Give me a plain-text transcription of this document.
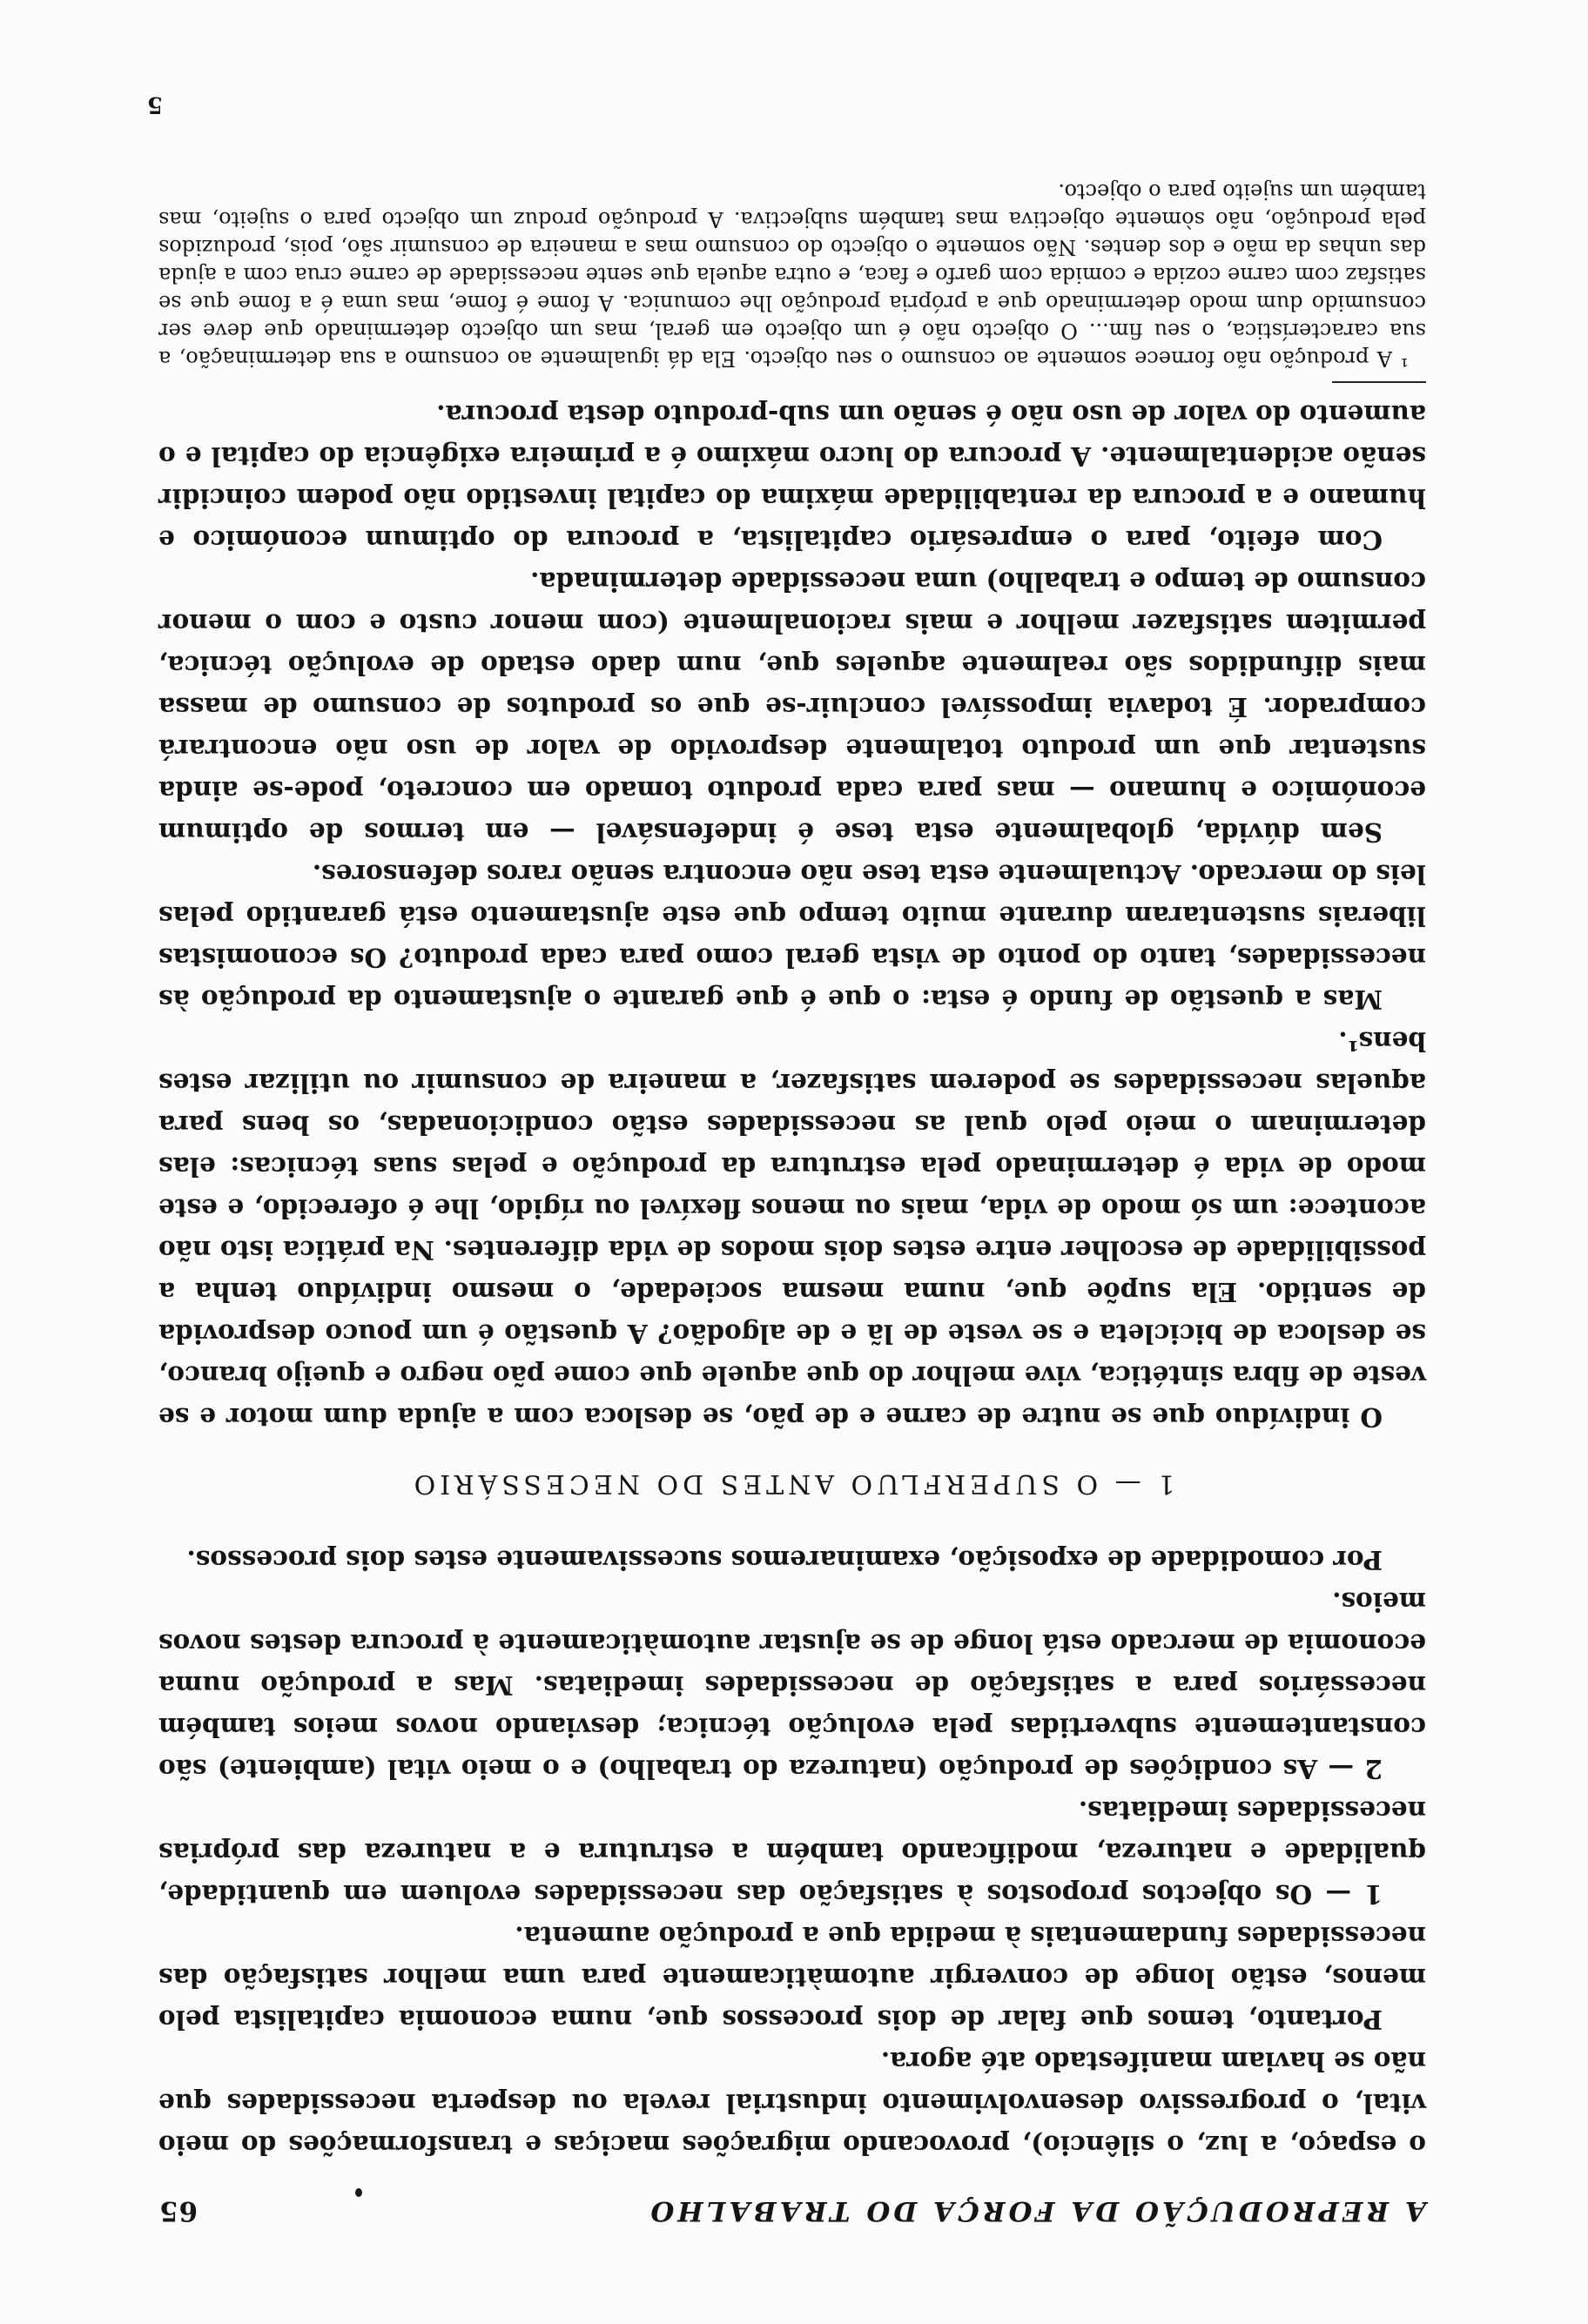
A REPRODUÇÃO DA FORÇA DO TRABALHO
65

o espaço, a luz, o silêncio), provocando migrações maciças e transformações do meio vital, o progressivo desenvolvimento industrial revela ou desperta necessidades que não se haviam manifestado até agora.

Portanto, temos que falar de dois processos que, numa economia capitalista pelo menos, estão longe de convergir automàticamente para uma melhor satisfação das necessidades fundamentais à medida que a produção aumenta.

1 — Os objectos propostos à satisfação das necessidades evoluem em quantidade, qualidade e natureza, modificando também a estrutura e a natureza das próprias necessidades imediatas.

2 — As condições de produção (natureza do trabalho) e o meio vital (ambiente) são constantemente subvertidas pela evolução técnica; desviando novos meios também necessários para a satisfação de necessidades imediatas. Mas a produção numa economia de mercado está longe de se ajustar automàticamente à procura destes novos meios.

Por comodidade de exposição, examinaremos sucessivamente estes dois processos.

1 — O SUPERFLUO ANTES DO NECESSÁRIO

O indivíduo que se nutre de carne e de pão, se desloca com a ajuda dum motor e se veste de fibra sintética, vive melhor do que aquele que come pão negro e queijo branco, se desloca de bicicleta e se veste de lã e de algodão? A questão é um pouco desprovida de sentido. Ela supõe que, numa mesma sociedade, o mesmo indivíduo tenha a possibilidade de escolher entre estes dois modos de vida diferentes. Na prática isto não acontece: um só modo de vida, mais ou menos flexível ou rígido, lhe é oferecido, e este modo de vida é determinado pela estrutura da produção e pelas suas técnicas: elas determinam o meio pelo qual as necessidades estão condicionadas, os bens para aquelas necessidades se poderem satisfazer, a maneira de consumir ou utilizar estes bens¹.

Mas a questão de fundo é esta: o que é que garante o ajustamento da produção às necessidades, tanto do ponto de vista geral como para cada produto? Os economistas liberais sustentaram durante muito tempo que este ajustamento está garantido pelas leis do mercado. Actualmente esta tese não encontra senão raros defensores.

Sem dúvida, globalmente esta tese é indefensável — em termos de optimum económico e humano — mas para cada produto tomado em concreto, pode-se ainda sustentar que um produto totalmente desprovido de valor de uso não encontrará comprador. É todavia impossível concluir-se que os produtos de consumo de massa mais difundidos são realmente aqueles que, num dado estado de evolução técnica, permitem satisfazer melhor e mais racionalmente (com menor custo e com o menor consumo de tempo e trabalho) uma necessidade determinada.

Com efeito, para o empresário capitalista, a procura do optimum económico e humano e a procura da rentabilidade máxima do capital investido não podem coincidir senão acidentalmente. A procura do lucro máximo é a primeira exigência do capital e o aumento do valor de uso não é senão um sub-produto desta procura.

¹ A produção não fornece somente ao consumo o seu objecto. Ela dá igualmente ao consumo a sua determinação, a sua característica, o seu fim... O objecto não é um objecto em geral, mas um objecto determinado que deve ser consumido dum modo determinado que a própria produção lhe comunica. A fome é fome, mas uma é a fome que se satisfaz com carne cozida e comida com garfo e faca, e outra aquela que sente necessidade de carne crua com a ajuda das unhas da mão e dos dentes. Não somente o objecto do consumo mas a maneira de consumir são, pois, produzidos pela produção, não sòmente objectiva mas também subjectiva. A produção produz um objecto para o sujeito, mas também um sujeito para o objecto.

5
